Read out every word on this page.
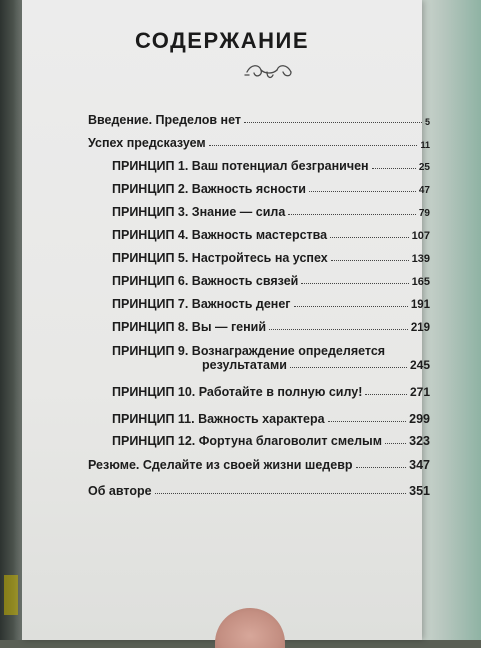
СОДЕРЖАНИЕ
Введение. Пределов нет	5
Успех предсказуем	11
ПРИНЦИП 1. Ваш потенциал безграничен	25
ПРИНЦИП 2. Важность ясности	47
ПРИНЦИП 3. Знание — сила	79
ПРИНЦИП 4. Важность мастерства	107
ПРИНЦИП 5. Настройтесь на успех	139
ПРИНЦИП 6. Важность связей	165
ПРИНЦИП 7. Важность денег	191
ПРИНЦИП 8. Вы — гений	219
ПРИНЦИП 9. Вознаграждение определяется
результатами	245
ПРИНЦИП 10. Работайте в полную силу!	271
ПРИНЦИП 11. Важность характера	299
ПРИНЦИП 12. Фортуна благоволит смелым 323
Резюме. Сделайте из своей жизни шедевр	347
Об авторе	351
